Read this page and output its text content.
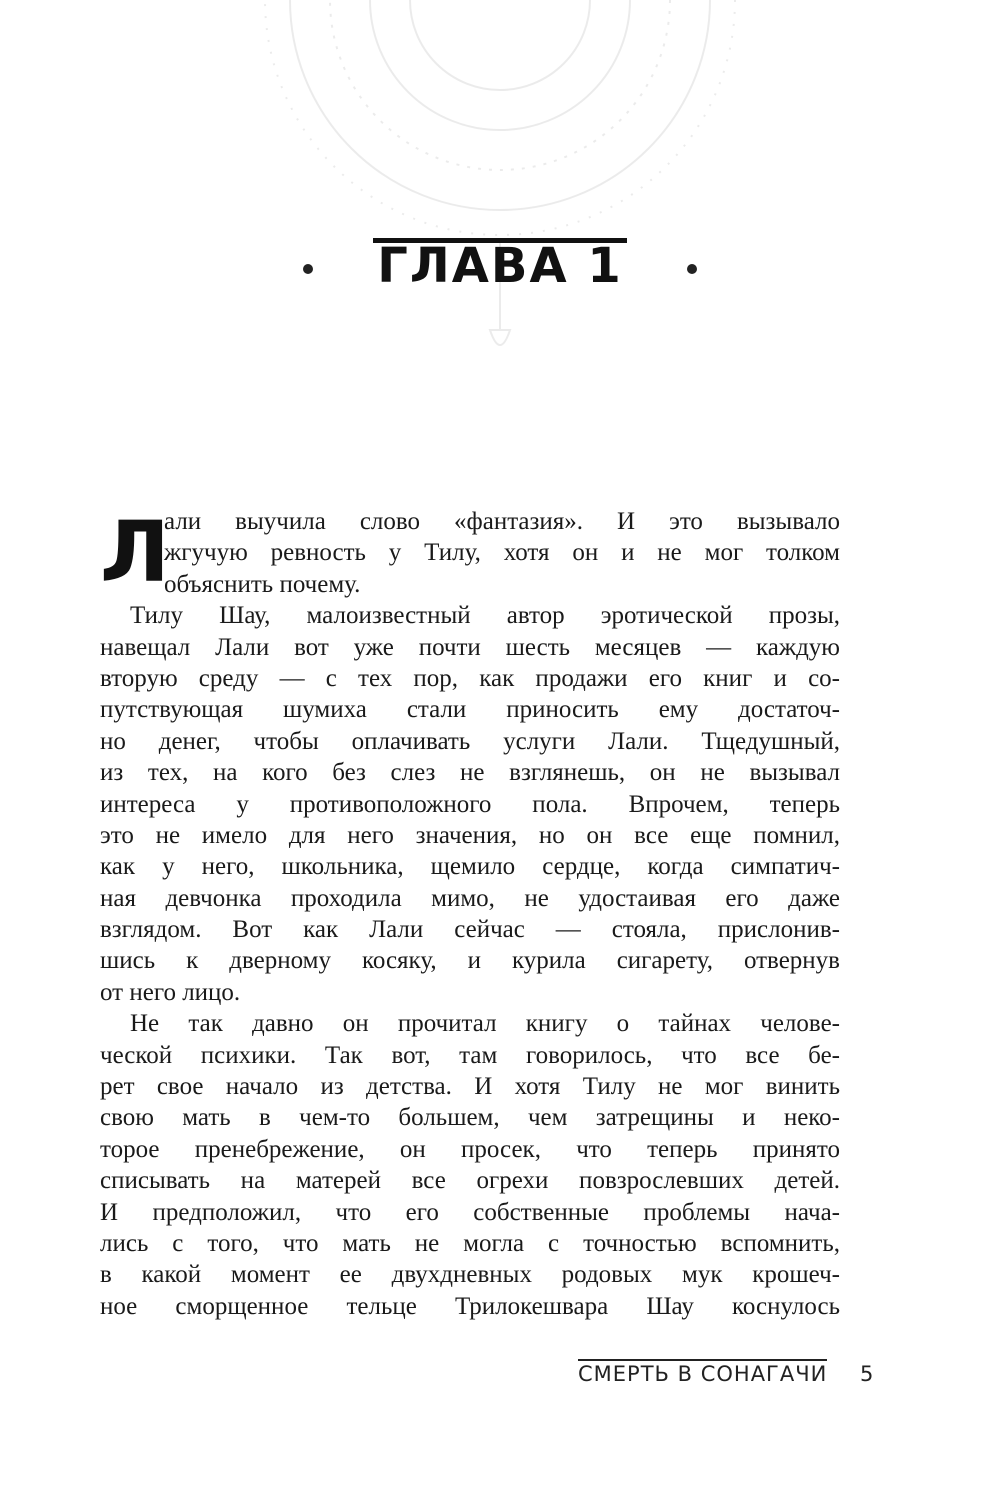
ГЛАВА 1
Л
али выучила слово «фантазия». И это вызывало
жгучую ревность у Тилу, хотя он и не мог толком
объяснить почему.
Тилу Шау, малоизвестный автор эротической прозы,
навещал Лали вот уже почти шесть месяцев — каждую
вторую среду — с тех пор, как продажи его книг и со-
путствующая шумиха стали приносить ему достаточ-
но денег, чтобы оплачивать услуги Лали. Тщедушный,
из тех, на кого без слез не взглянешь, он не вызывал
интереса у противоположного пола. Впрочем, теперь
это не имело для него значения, но он все еще помнил,
как у него, школьника, щемило сердце, когда симпатич-
ная девчонка проходила мимо, не удостаивая его даже
взглядом. Вот как Лали сейчас — стояла, прислонив-
шись к дверному косяку, и курила сигарету, отвернув
от него лицо.
Не так давно он прочитал книгу о тайнах челове-
ческой психики. Так вот, там говорилось, что все бе-
рет свое начало из детства. И хотя Тилу не мог винить
свою мать в чем-то большем, чем затрещины и неко-
торое пренебрежение, он просек, что теперь принято
списывать на матерей все огрехи повзрослевших детей.
И предположил, что его собственные проблемы нача-
лись с того, что мать не могла с точностью вспомнить,
в какой момент ее двухдневных родовых мук крошеч-
ное сморщенное тельце Трилокешвара Шау коснулось
СМЕРТЬ В СОНАГАЧИ 5
